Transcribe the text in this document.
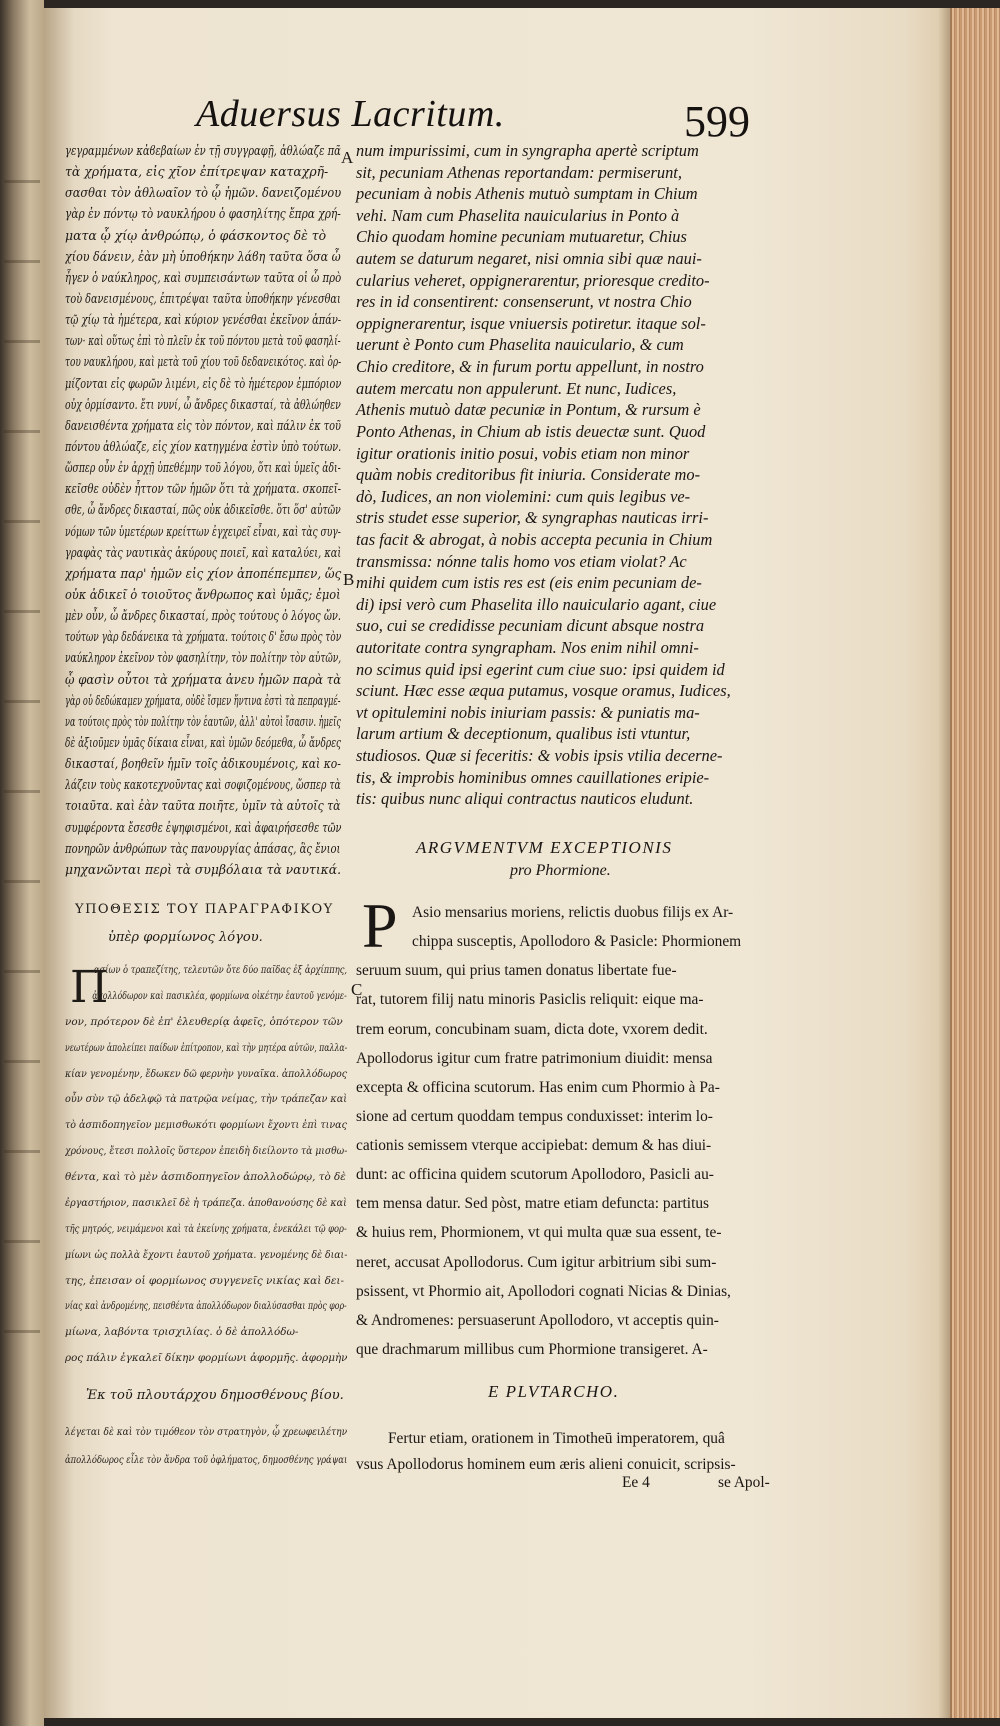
Aduersus Lacritum.	599

γεγραμμένων κἀϐεβαίων ἐν τῇ συγγραφῇ, ἀθλώαζε πᾶ

τὰ χρήματα, εἰς χῖον ἐπίτρεψαν καταχρῆ-

σασθαι τὸν ἀθλωαῖον τὸ ᾧ ἡμῶν. δανειζομένου

γὰρ ἐν πόντῳ τὸ ναυκλήρου ὁ φασηλίτης ἔπρα χρή-

ματα ᾧ χίῳ ἀνθρώπῳ, ὁ φάσκοντος δὲ τὸ

χίου δάνειν, ἐὰν μὴ ὑποθήκην λάϐη ταῦτα ὅσα ὦ

ἦγεν ὁ ναύκληρος, καὶ συμπεισάντων ταῦτα οἱ ὧ πρὸ

τοὺ δανεισμένους, ἐπιτρέψαι ταῦτα ὑποθήκην γένεσθαι

τῷ χίῳ τὰ ἡμέτερα, καὶ κύριον γενέσθαι ἐκεῖνον ἁπάν-

των· καὶ οὕτως ἐπὶ τὸ πλεῖν ἐκ τοῦ πόντου μετὰ τοῦ φασηλί-

του ναυκλήρου, καὶ μετὰ τοῦ χίου τοῦ δεδανεικότος. καὶ ὁρ-

μίζονται εἰς φωρῶν λιμένι, εἰς δὲ τὸ ἡμέτερον ἐμπόριον

οὐχ ὁρμίσαντο. ἔτι νυνί, ὦ ἄνδρες δικασταί, τὰ ἀθλώηθεν

δανεισθέντα χρήματα εἰς τὸν πόντον, καὶ πάλιν ἐκ τοῦ

πόντου ἀθλώαζε, εἰς χίον κατηγμένα ἐστὶν ὑπὸ τούτων.

ὥσπερ οὖν ἐν ἀρχῇ ὑπεθέμην τοῦ λόγου, ὅτι καὶ ὑμεῖς ἀδι-

κεῖσθε οὐδὲν ἧττον τῶν ἡμῶν ὅτι τὰ χρήματα. σκοπεῖ-

σθε, ὦ ἄνδρες δικασταί, πῶς οὐκ ἀδικεῖσθε. ὅτι ὅσ' αὐτῶν

νόμων τῶν ὑμετέρων κρείττων ἐγχειρεῖ εἶναι, καὶ τὰς συγ-

γραφὰς τὰς ναυτικὰς ἀκύρους ποιεῖ, καὶ καταλύει, καὶ

χρήματα παρ' ἡμῶν εἰς χίον ἀποπέπεμπεν, ὥς

οὐκ ἀδικεῖ ὁ τοιοῦτος ἄνθρωπος καὶ ὑμᾶς; ἐμοὶ

μὲν οὖν, ὦ ἄνδρες δικασταί, πρὸς τούτους ὁ λόγος ὤν.

τούτων γὰρ δεδάνεικα τὰ χρήματα. τούτοις δ' ἔσω πρὸς τὸν

ναύκληρον ἐκεῖνον τὸν φασηλίτην, τὸν πολίτην τὸν αὐτῶν,

ᾧ φασὶν οὗτοι τὰ χρήματα ἀνευ ἡμῶν παρὰ τὰ

γὰρ οὐ δεδώκαμεν χρήματα, οὐδὲ ἴσμεν ἥντινα ἐστὶ τὰ πεπραγμέ-

να τούτοις πρὸς τὸν πολίτην τὸν ἑαυτῶν, ἀλλ' αὐτοὶ ἴσασιν. ἡμεῖς

δὲ ἀξιοῦμεν ὑμᾶς δίκαια εἶναι, καὶ ὑμῶν δεόμεθα, ὦ ἄνδρες

δικασταί, βοηθεῖν ἡμῖν τοῖς ἀδικουμένοις, καὶ κο-

λάζειν τοὺς κακοτεχνοῦντας καὶ σοφιζομένους, ὥσπερ τὰ

τοιαῦτα. καὶ ἐὰν ταῦτα ποιῆτε, ὑμῖν τὰ αὐτοῖς τὰ

συμφέροντα ἔσεσθε ἐψηφισμένοι, καὶ ἀφαιρήσεσθε τῶν

πονηρῶν ἀνθρώπων τὰς πανουργίας ἁπάσας, ἃς ἔνιοι

μηχανῶνται περὶ τὰ συμβόλαια τὰ ναυτικά.

A
B
C
ΥΠΟΘΕΣΙΣ ΤΟΥ ΠΑΡΑΓΡΑΦΙΚΟΥ
ὑπὲρ φορμίωνος λόγου.
Π

ασίων ὁ τραπεζίτης, τελευτῶν ὅτε δύο παῖδας ἐξ ἀρχίππης,

ἀπολλόδωρον καὶ πασικλέα, φορμίωνα οἰκέτην ἑαυτοῦ γενόμε-

νον, πρότερον δὲ ἐπ' ἐλευθερίᾳ ἀφεῖς, ὁπότερον τῶν

νεωτέρων ἀπολείπει παίδων ἐπίτροπον, καὶ τὴν μητέρα αὐτῶν, παλλα-

κίαν γενομένην, ἔδωκεν δῶ φερνὴν γυναῖκα. ἀπολλόδωρος

οὖν σὺν τῷ ἀδελφῷ τὰ πατρῷα νείμας, τὴν τράπεζαν καὶ

τὸ ἀσπιδοπηγεῖον μεμισθωκότι φορμίωνι ἔχοντι ἐπὶ τινας

χρόνους, ἔτεσι πολλοῖς ὕστερον ἐπειδὴ διείλοντο τὰ μισθω-

θέντα, καὶ τὸ μὲν ἀσπιδοπηγεῖον ἀπολλοδώρῳ, τὸ δὲ

ἐργαστήριον, πασικλεῖ δὲ ἡ τράπεζα. ἀποθανούσης δὲ καὶ

τῆς μητρός, νειμάμενοι καὶ τὰ ἐκείνης χρήματα, ἐνεκάλει τῷ φορ-

μίωνι ὡς πολλὰ ἔχοντι ἑαυτοῦ χρήματα. γενομένης δὲ διαι-

της, ἐπεισαν οἱ φορμίωνος συγγενεῖς νικίας καὶ δει-

νίας καὶ ἀνδρομένης, πεισθέντα ἀπολλόδωρον διαλύσασθαι πρὸς φορ-

μίωνα, λαβόντα τρισχιλίας. ὁ δὲ ἀπολλόδω-

ρος πάλιν ἐγκαλεῖ δίκην φορμίωνι ἀφορμῆς. ἀφορμὴν

Ἐκ τοῦ πλουτάρχου δημοσθένους βίου.

λέγεται δὲ καὶ τὸν τιμόθεον τὸν στρατηγὸν, ᾧ χρεωφειλέτην

ἀπολλόδωρος εἷλε τὸν ἄνδρα τοῦ ὀφλήματος, δημοσθένης γράψαι

num impurissimi, cum in syngrapha apertè scriptum

sit, pecuniam Athenas reportandam: permiserunt,

pecuniam à nobis Athenis mutuò sumptam in Chium

vehi. Nam cum Phaselita nauicularius in Ponto à

Chio quodam homine pecuniam mutuaretur, Chius

autem se daturum negaret, nisi omnia sibi quæ naui-

cularius veheret, oppignerarentur, prioresque credito-

res in id consentirent: consenserunt, vt nostra Chio

oppignerarentur, isque vniuersis potiretur. itaque sol-

uerunt è Ponto cum Phaselita nauiculario, & cum

Chio creditore, & in furum portu appellunt, in nostro

autem mercatu non appulerunt. Et nunc, Iudices,

Athenis mutuò datæ pecuniæ in Pontum, & rursum è

Ponto Athenas, in Chium ab istis deuectæ sunt. Quod

igitur orationis initio posui, vobis etiam non minor

quàm nobis creditoribus fit iniuria. Considerate mo-

dò, Iudices, an non violemini: cum quis legibus ve-

stris studet esse superior, & syngraphas nauticas irri-

tas facit & abrogat, à nobis accepta pecunia in Chium

transmissa: nónne talis homo vos etiam violat? Ac

mihi quidem cum istis res est (eis enim pecuniam de-

di) ipsi verò cum Phaselita illo nauiculario agant, ciue

suo, cui se credidisse pecuniam dicunt absque nostra

autoritate contra syngrapham. Nos enim nihil omni-

no scimus quid ipsi egerint cum ciue suo: ipsi quidem id

sciunt. Hæc esse æqua putamus, vosque oramus, Iudices,

vt opitulemini nobis iniuriam passis: & puniatis ma-

larum artium & deceptionum, qualibus isti vtuntur,

studiosos. Quæ si feceritis: & vobis ipsis vtilia decerne-

tis, & improbis hominibus omnes cauillationes eripie-

tis: quibus nunc aliqui contractus nauticos eludunt.

ARGVMENTVM EXCEPTIONIS
pro Phormione.
P Asio mensarius moriens, relictis duobus filijs ex Ar-

chippa susceptis, Apollodoro & Pasicle: Phormionem

seruum suum, qui prius tamen donatus libertate fue-

rat, tutorem filij natu minoris Pasiclis reliquit: eique ma-

trem eorum, concubinam suam, dicta dote, vxorem dedit.

Apollodorus igitur cum fratre patrimonium diuidit: mensa

excepta & officina scutorum. Has enim cum Phormio à Pa-

sione ad certum quoddam tempus conduxisset: interim lo-

cationis semissem vterque accipiebat: demum & has diui-

dunt: ac officina quidem scutorum Apollodoro, Pasicli au-

tem mensa datur. Sed pòst, matre etiam defuncta: partitus

& huius rem, Phormionem, vt qui multa quæ sua essent, te-

neret, accusat Apollodorus. Cum igitur arbitrium sibi sum-

psissent, vt Phormio ait, Apollodori cognati Nicias & Dinias,

& Andromenes: persuaserunt Apollodoro, vt acceptis quin-

que drachmarum millibus cum Phormione transigeret. A-

E PLVTARCHO.

Fertur etiam, orationem in Timotheū imperatorem, quâ

vsus Apollodorus hominem eum æris alieni conuicit, scripsis-

Ee 4	se Apol-
